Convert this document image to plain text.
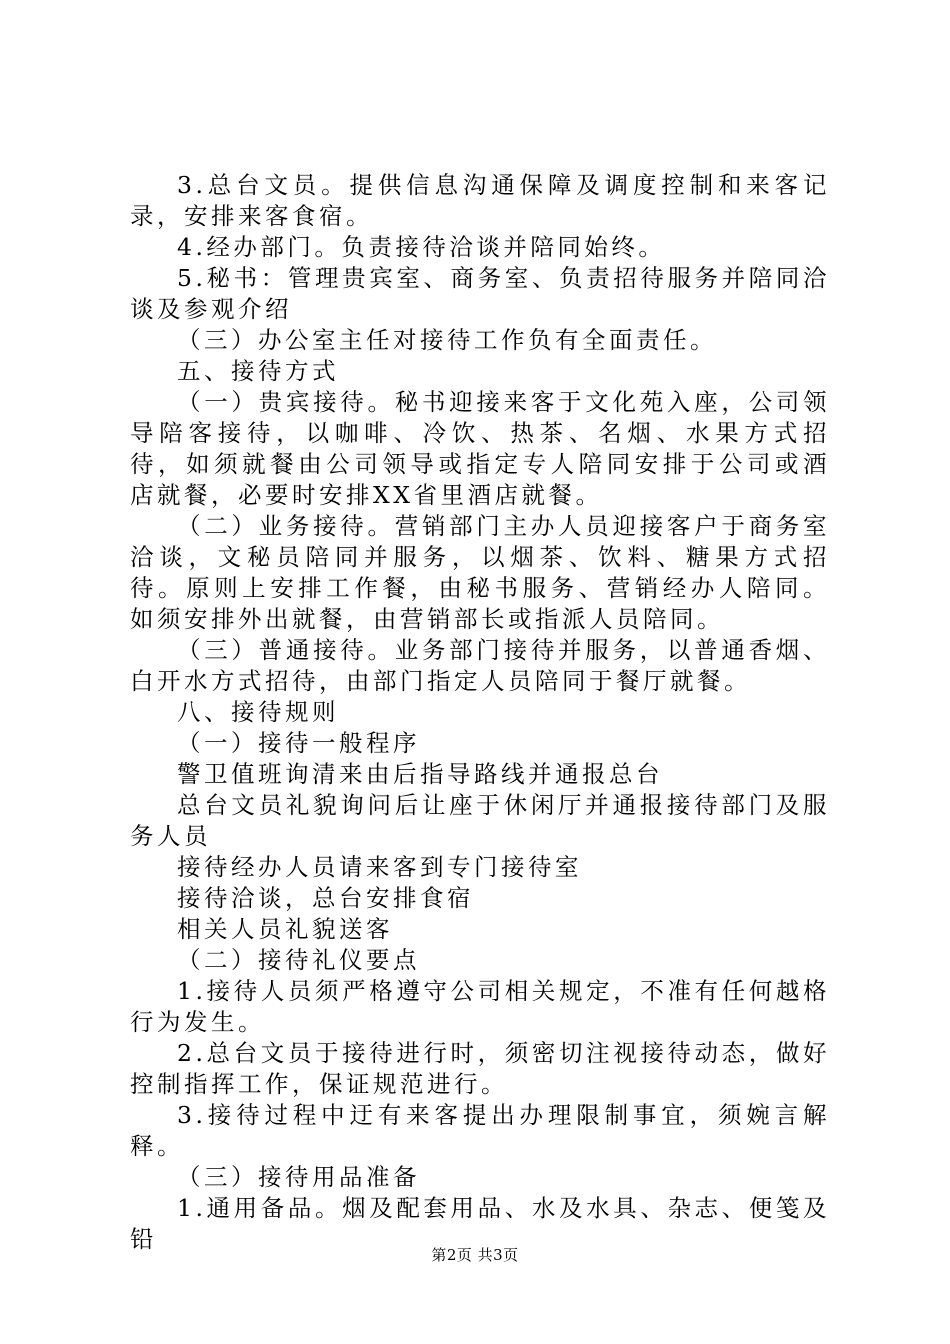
3.总台文员。提供信息沟通保障及调度控制和来客记录，安排来客食宿。

4.经办部门。负责接待洽谈并陪同始终。

5.秘书：管理贵宾室、商务室、负责招待服务并陪同洽谈及参观介绍

（三）办公室主任对接待工作负有全面责任。

五、接待方式

（一）贵宾接待。秘书迎接来客于文化苑入座，公司领导陪客接待，以咖啡、冷饮、热茶、名烟、水果方式招待，如须就餐由公司领导或指定专人陪同安排于公司或酒店就餐，必要时安排XX省里酒店就餐。

（二）业务接待。营销部门主办人员迎接客户于商务室洽谈，文秘员陪同并服务，以烟茶、饮料、糖果方式招待。原则上安排工作餐，由秘书服务、营销经办人陪同。如须安排外出就餐，由营销部长或指派人员陪同。

（三）普通接待。业务部门接待并服务，以普通香烟、白开水方式招待，由部门指定人员陪同于餐厅就餐。

八、接待规则

（一）接待一般程序

警卫值班询清来由后指导路线并通报总台

总台文员礼貌询问后让座于休闲厅并通报接待部门及服务人员

接待经办人员请来客到专门接待室

接待洽谈，总台安排食宿

相关人员礼貌送客

（二）接待礼仪要点

1.接待人员须严格遵守公司相关规定，不准有任何越格行为发生。

2.总台文员于接待进行时，须密切注视接待动态，做好控制指挥工作，保证规范进行。

3.接待过程中迂有来客提出办理限制事宜，须婉言解释。

（三）接待用品准备

1.通用备品。烟及配套用品、水及水具、杂志、便笺及铅

第2页 共3页
